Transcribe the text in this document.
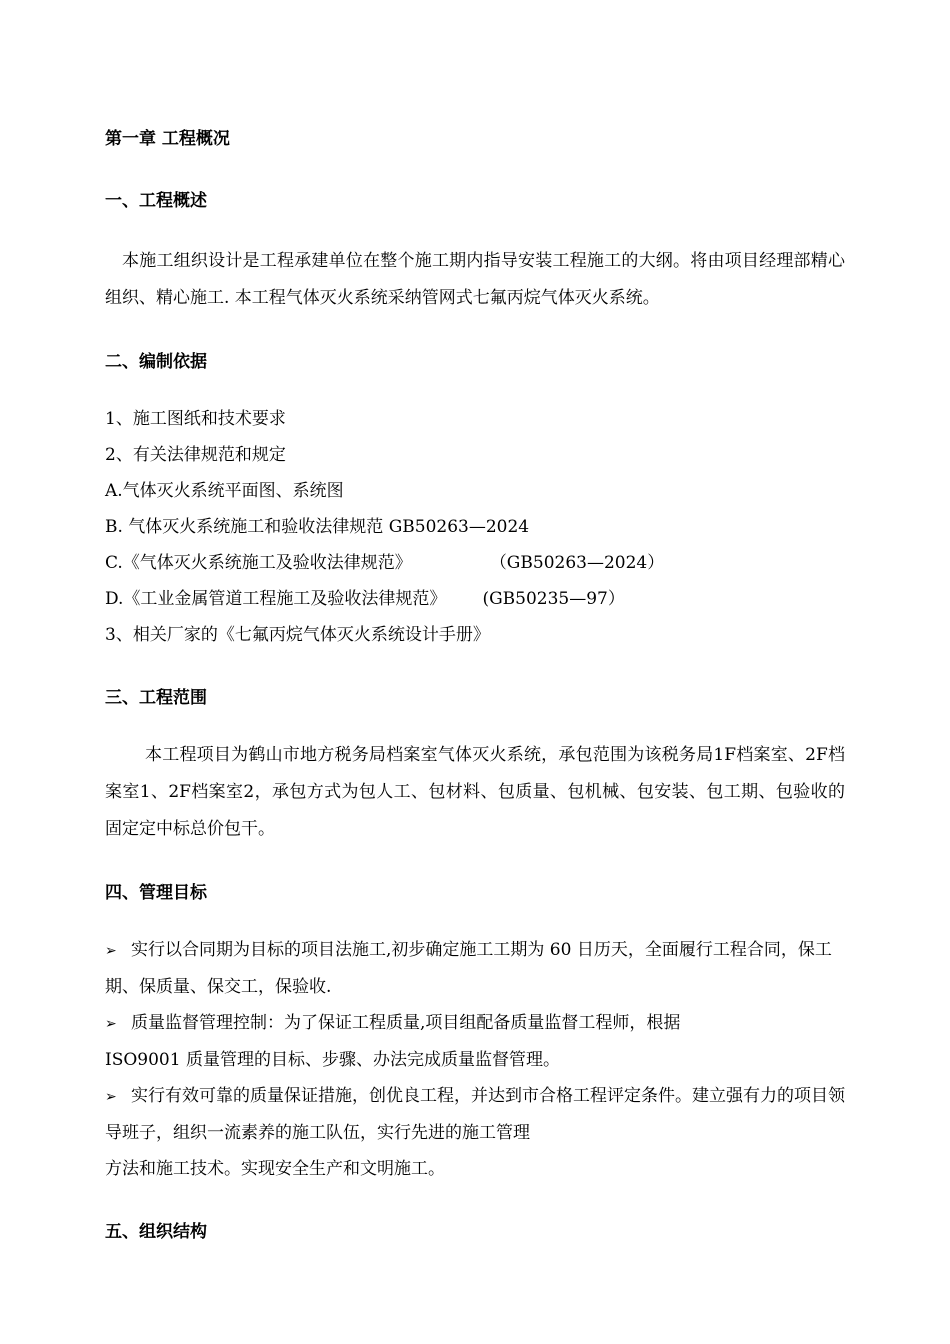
第一章 工程概况
一、工程概述

本施工组织设计是工程承建单位在整个施工期内指导安装工程施工的大纲。将由项目经理部精心组织、精心施工. 本工程气体灭火系统采纳管网式七氟丙烷气体灭火系统。

二、编制依据

1、施工图纸和技术要求

2、有关法律规范和规定

A.气体灭火系统平面图、系统图

B. 气体灭火系统施工和验收法律规范 GB50263—2024

C.《气体灭火系统施工及验收法律规范》	（GB50263—2024）

D.《工业金属管道工程施工及验收法律规范》 (GB50235—97）

3、相关厂家的《七氟丙烷气体灭火系统设计手册》

三、工程范围

本工程项目为鹤山市地方税务局档案室气体灭火系统，承包范围为该税务局1F档案室、2F档案室1、2F档案室2，承包方式为包人工、包材料、包质量、包机械、包安装、包工期、包验收的固定定中标总价包干。

四、管理目标

➢ 实行以合同期为目标的项目法施工,初步确定施工工期为 60 日历天，全面履行工程合同，保工期、保质量、保交工，保验收.

➢ 质量监督管理控制：为了保证工程质量,项目组配备质量监督工程师，根据
ISO9001 质量管理的目标、步骤、办法完成质量监督管理。

➢ 实行有效可靠的质量保证措施，创优良工程，并达到市合格工程评定条件。建立强有力的项目领导班子，组织一流素养的施工队伍，实行先进的施工管理
方法和施工技术。实现安全生产和文明施工。

五、组织结构
